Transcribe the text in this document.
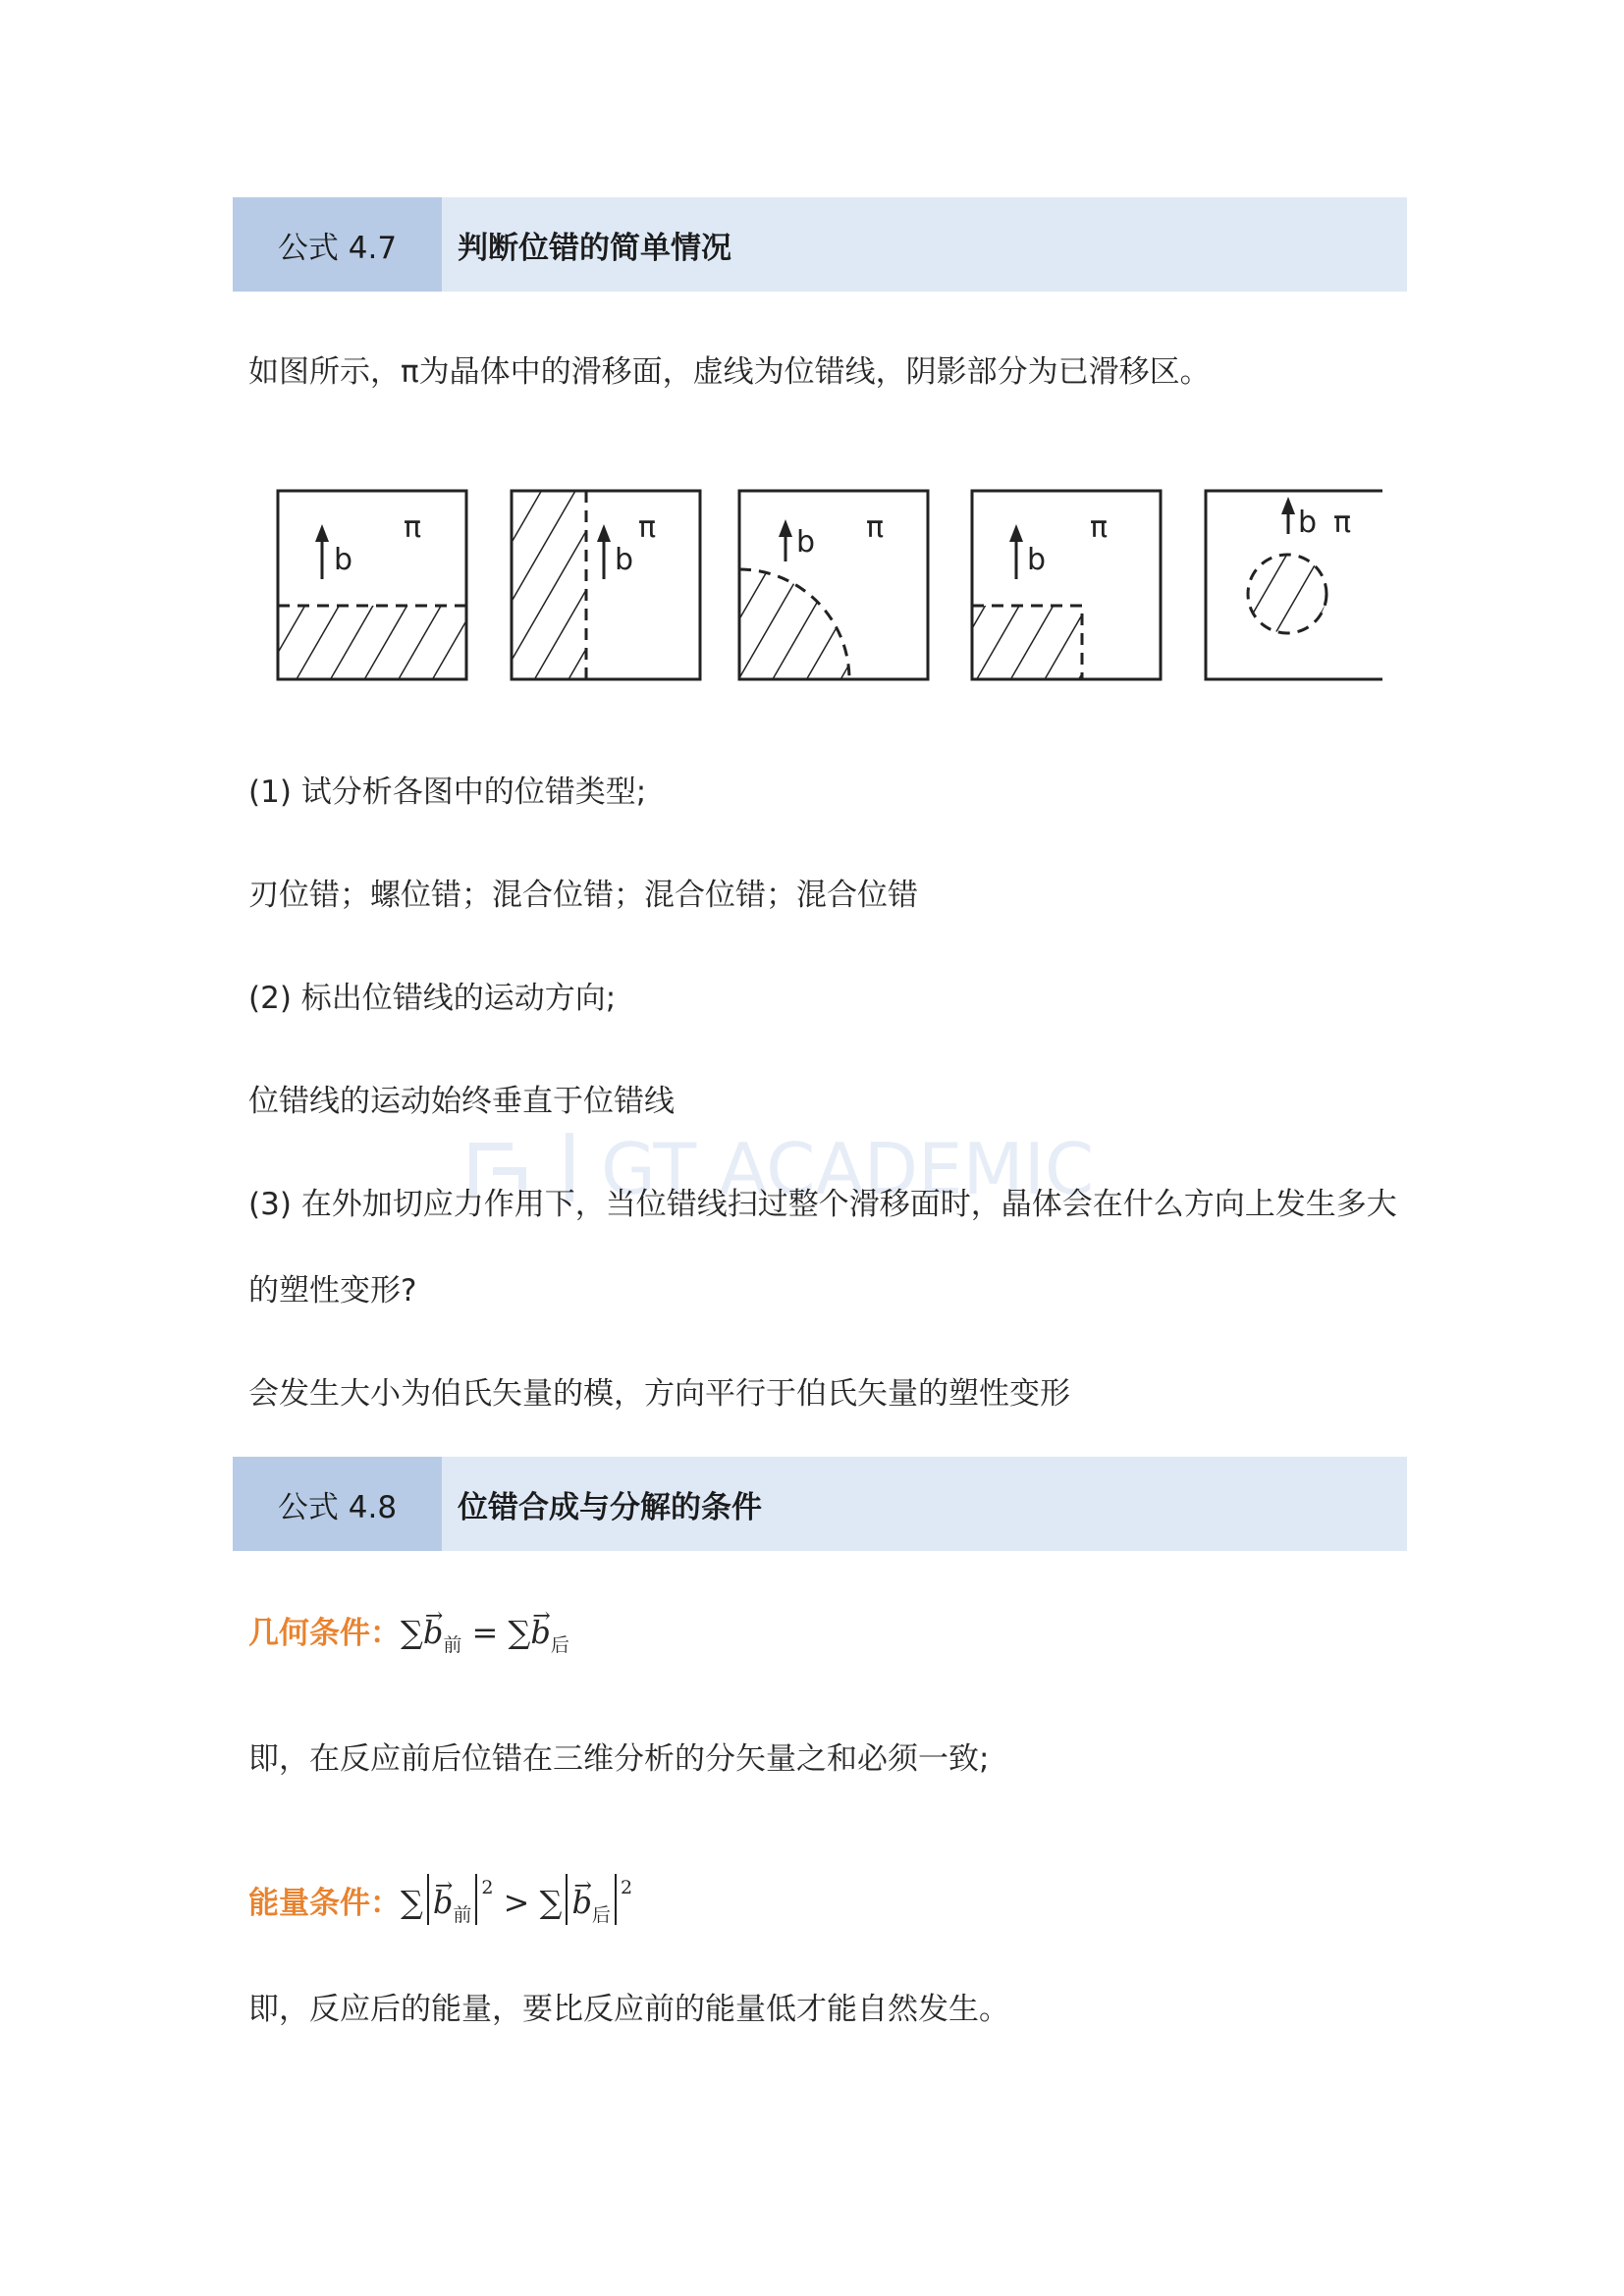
公式 4.7	判断位错的简单情况
如图所示，π为晶体中的滑移面，虚线为位错线，阴影部分为已滑移区。
b
π
b
π	b π
b
π	b π
(1) 试分析各图中的位错类型;
刃位错；螺位错；混合位错；混合位错；混合位错
(2) 标出位错线的运动方向;
位错线的运动始终垂直于位错线
GT ACADEMIC
(3) 在外加切应力作用下，当位错线扫过整个滑移面时，晶体会在什么方向上发生多大的塑性变形?
会发生大小为伯氏矢量的模，方向平行于伯氏矢量的塑性变形
公式 4.8	位错合成与分解的条件
几何条件：∑→ $b_前$ = ∑→ $b_后$
即，在反应前后位错在三维分析的分矢量之和必须一致;
能量条件：∑ → $b_前^2$ > ∑ → $b_后^2$
即，反应后的能量，要比反应前的能量低才能自然发生。
